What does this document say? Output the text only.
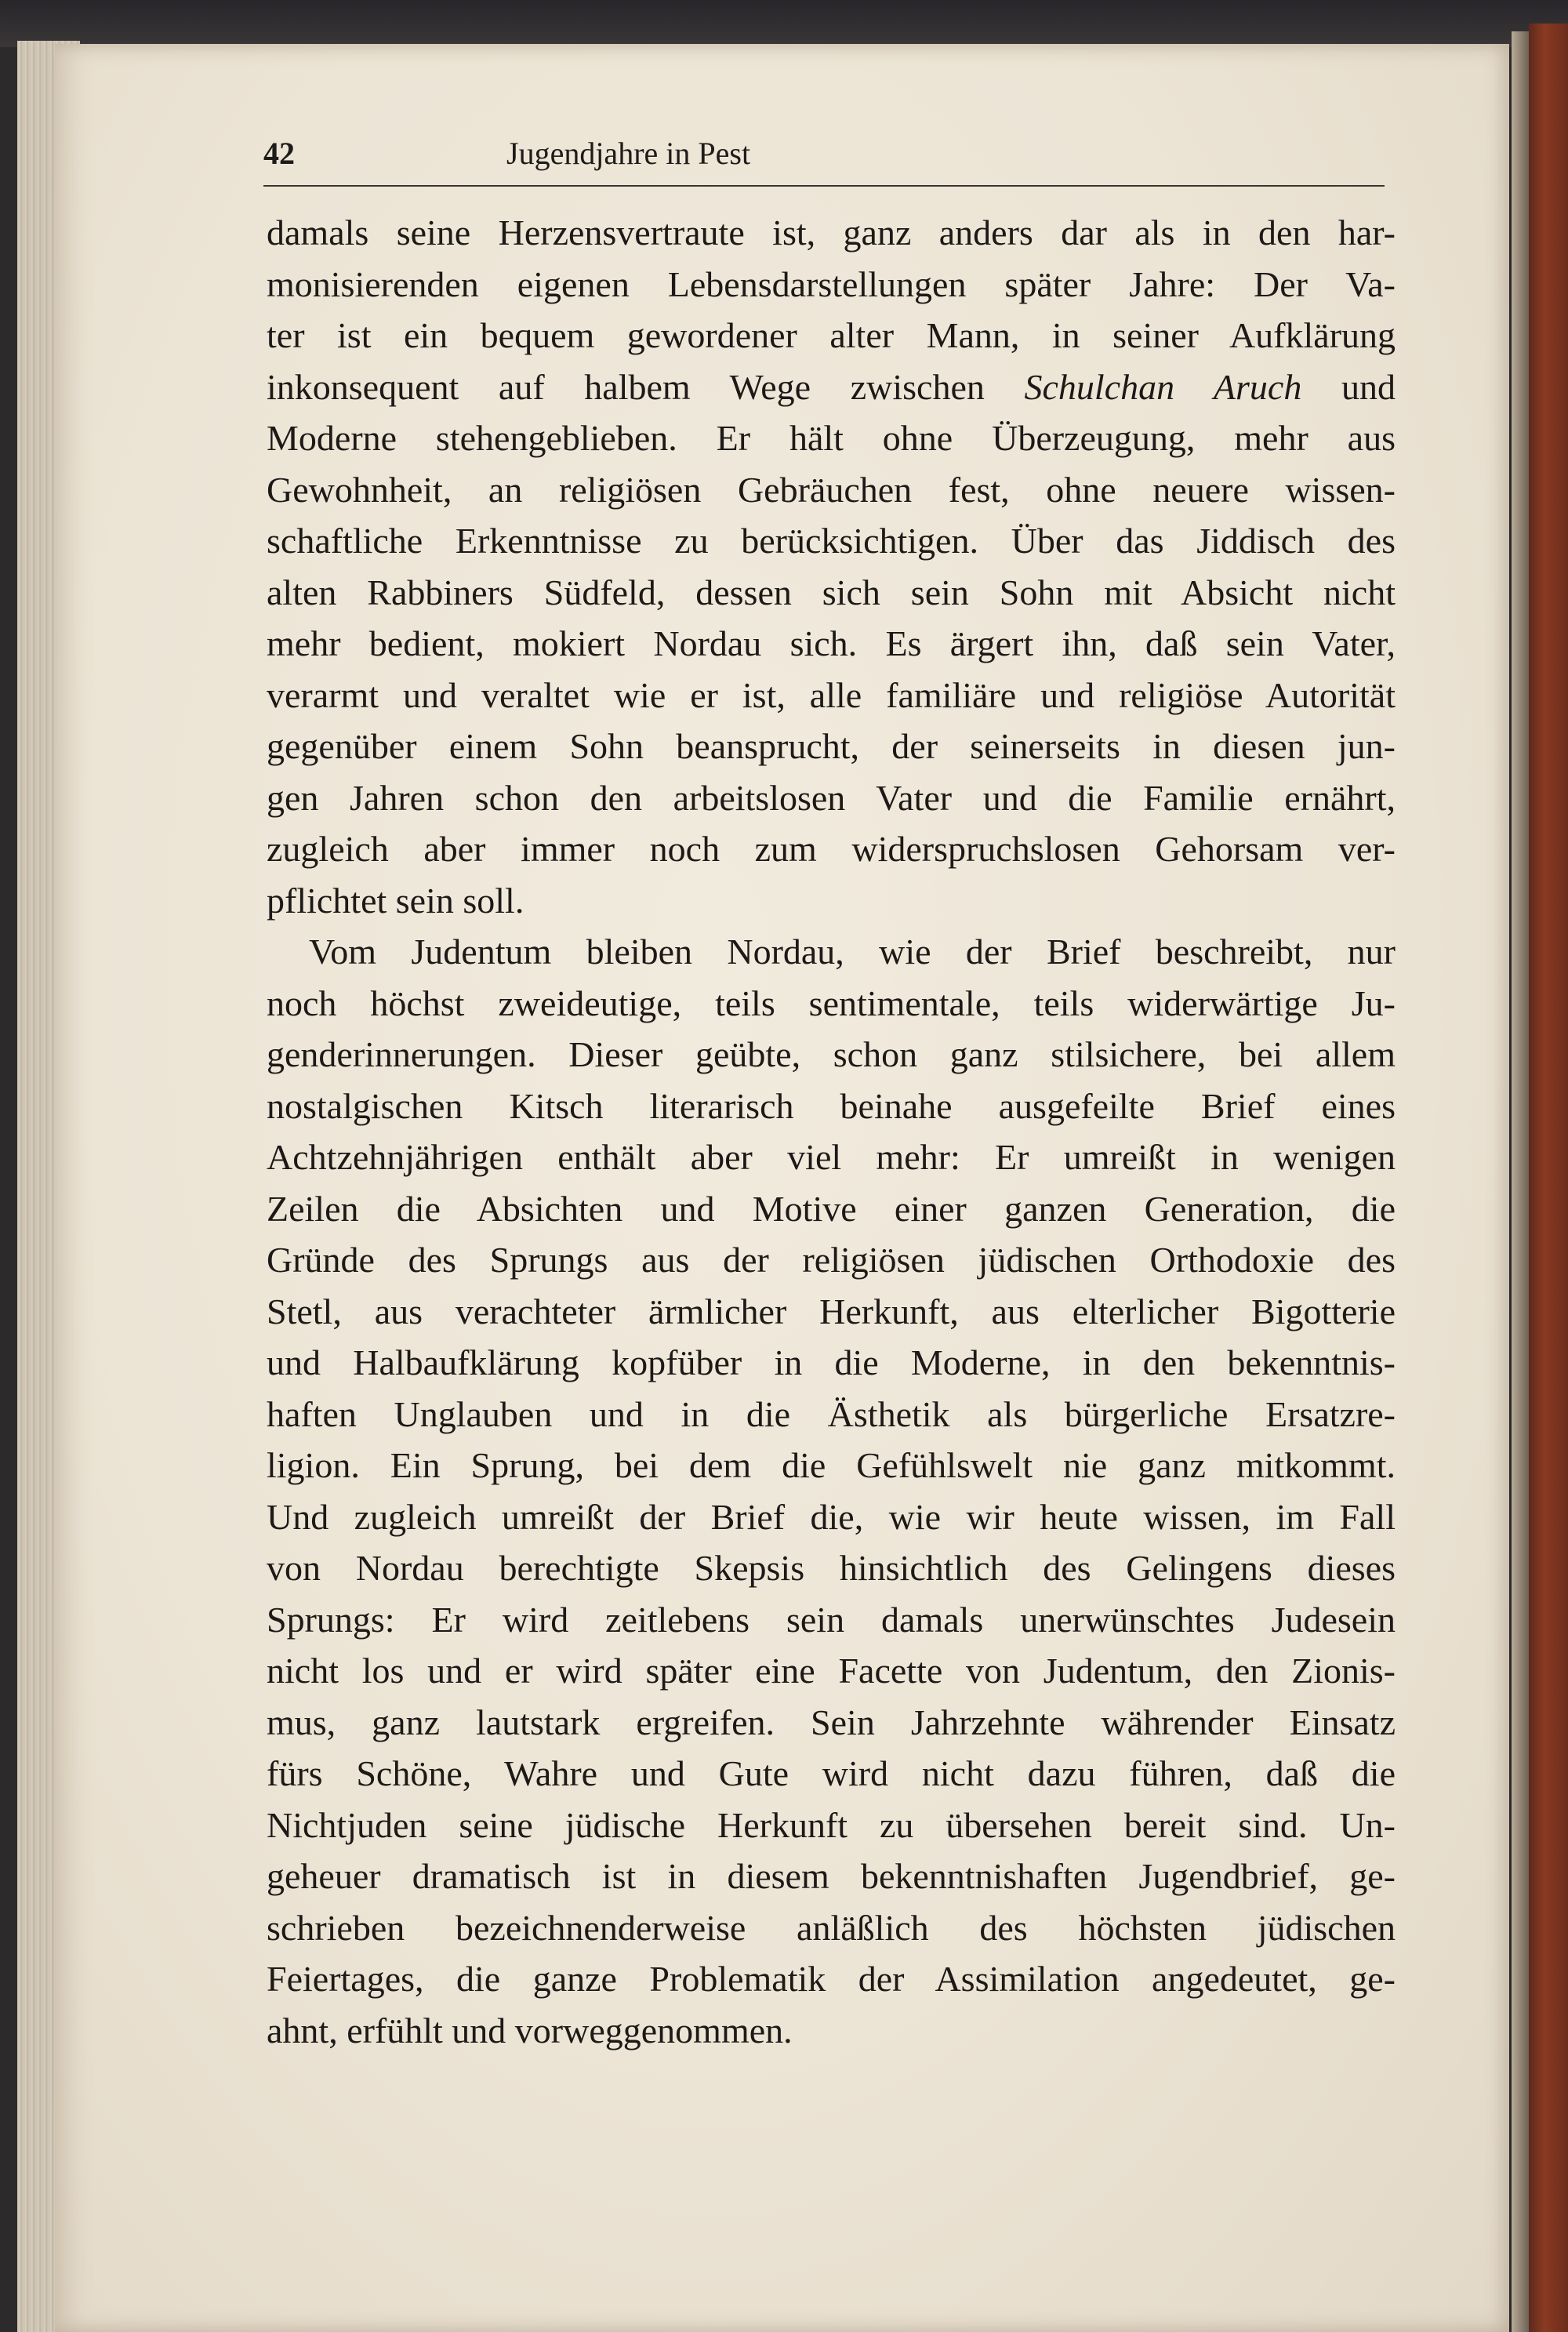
42	Jugendjahre in Pest
damals seine Herzensvertraute ist, ganz anders dar als in den har-
monisierenden eigenen Lebensdarstellungen später Jahre: Der Va-
ter ist ein bequem gewordener alter Mann, in seiner Aufklärung
inkonsequent auf halbem Wege zwischen Schulchan Aruch und
Moderne stehengeblieben. Er hält ohne Überzeugung, mehr aus
Gewohnheit, an religiösen Gebräuchen fest, ohne neuere wissen-
schaftliche Erkenntnisse zu berücksichtigen. Über das Jiddisch des
alten Rabbiners Südfeld, dessen sich sein Sohn mit Absicht nicht
mehr bedient, mokiert Nordau sich. Es ärgert ihn, daß sein Vater,
verarmt und veraltet wie er ist, alle familiäre und religiöse Autorität
gegenüber einem Sohn beansprucht, der seinerseits in diesen jun-
gen Jahren schon den arbeitslosen Vater und die Familie ernährt,
zugleich aber immer noch zum widerspruchslosen Gehorsam ver-
pflichtet sein soll.
Vom Judentum bleiben Nordau, wie der Brief beschreibt, nur
noch höchst zweideutige, teils sentimentale, teils widerwärtige Ju-
genderinnerungen. Dieser geübte, schon ganz stilsichere, bei allem
nostalgischen Kitsch literarisch beinahe ausgefeilte Brief eines
Achtzehnjährigen enthält aber viel mehr: Er umreißt in wenigen
Zeilen die Absichten und Motive einer ganzen Generation, die
Gründe des Sprungs aus der religiösen jüdischen Orthodoxie des
Stetl, aus verachteter ärmlicher Herkunft, aus elterlicher Bigotterie
und Halbaufklärung kopfüber in die Moderne, in den bekenntnis-
haften Unglauben und in die Ästhetik als bürgerliche Ersatzre-
ligion. Ein Sprung, bei dem die Gefühlswelt nie ganz mitkommt.
Und zugleich umreißt der Brief die, wie wir heute wissen, im Fall
von Nordau berechtigte Skepsis hinsichtlich des Gelingens dieses
Sprungs: Er wird zeitlebens sein damals unerwünschtes Judesein
nicht los und er wird später eine Facette von Judentum, den Zionis-
mus, ganz lautstark ergreifen. Sein Jahrzehnte währender Einsatz
fürs Schöne, Wahre und Gute wird nicht dazu führen, daß die
Nichtjuden seine jüdische Herkunft zu übersehen bereit sind. Un-
geheuer dramatisch ist in diesem bekenntnishaften Jugendbrief, ge-
schrieben bezeichnenderweise anläßlich des höchsten jüdischen
Feiertages, die ganze Problematik der Assimilation angedeutet, ge-
ahnt, erfühlt und vorweggenommen.
